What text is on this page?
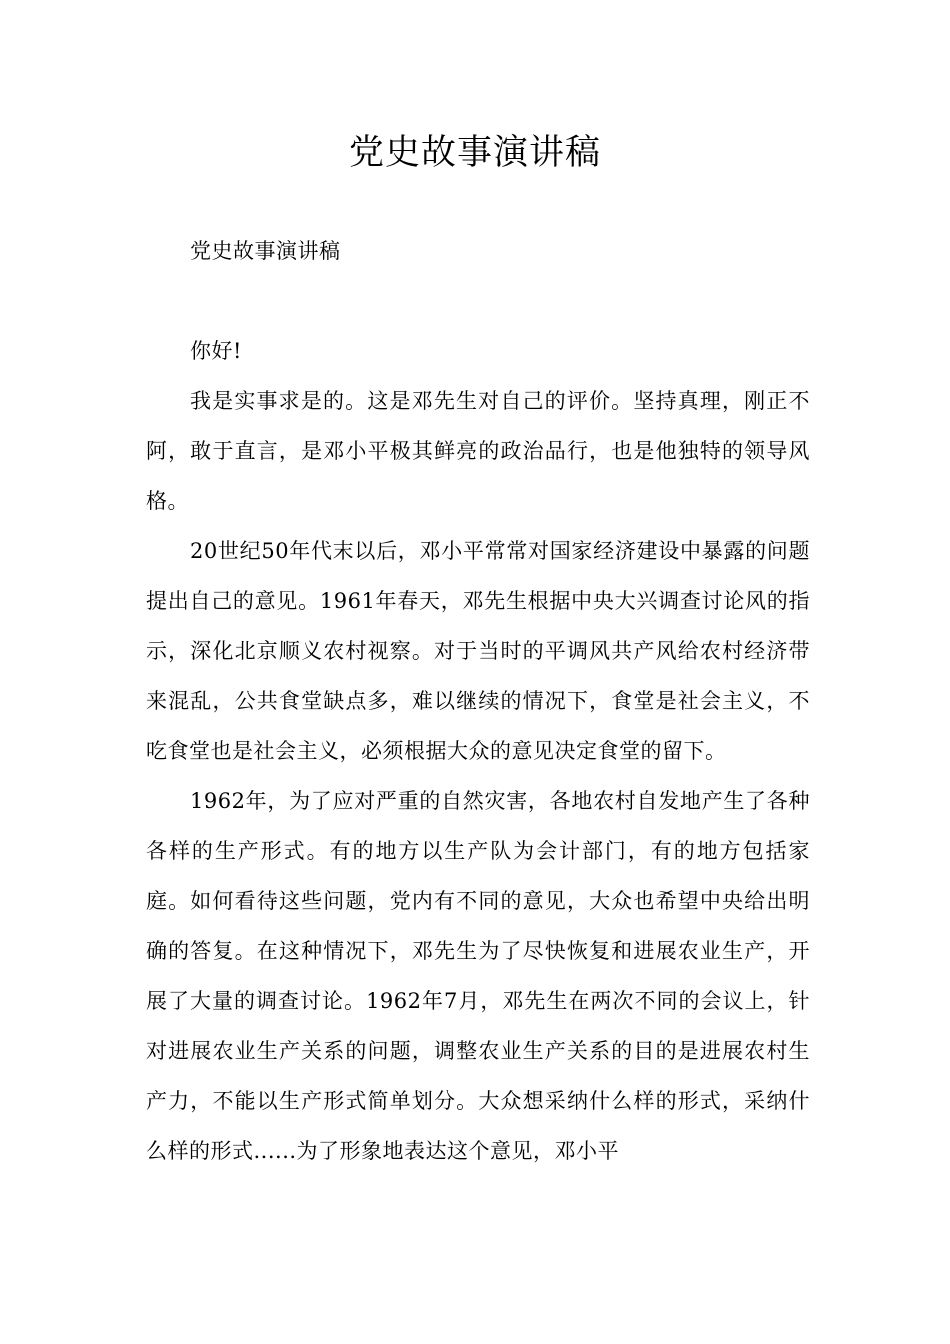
党史故事演讲稿

党史故事演讲稿

你好!

我是实事求是的。这是邓先生对自己的评价。坚持真理，刚正不阿，敢于直言，是邓小平极其鲜亮的政治品行，也是他独特的领导风格。

20世纪50年代末以后，邓小平常常对国家经济建设中暴露的问题提出自己的意见。1961年春天，邓先生根据中央大兴调查讨论风的指示，深化北京顺义农村视察。对于当时的平调风共产风给农村经济带来混乱，公共食堂缺点多，难以继续的情况下，食堂是社会主义，不吃食堂也是社会主义，必须根据大众的意见决定食堂的留下。

1962年，为了应对严重的自然灾害，各地农村自发地产生了各种各样的生产形式。有的地方以生产队为会计部门，有的地方包括家庭。如何看待这些问题，党内有不同的意见，大众也希望中央给出明确的答复。在这种情况下，邓先生为了尽快恢复和进展农业生产，开展了大量的调查讨论。1962年7月，邓先生在两次不同的会议上，针对进展农业生产关系的问题，调整农业生产关系的目的是进展农村生产力，不能以生产形式简单划分。大众想采纳什么样的形式，采纳什么样的形式......为了形象地表达这个意见，邓小平
